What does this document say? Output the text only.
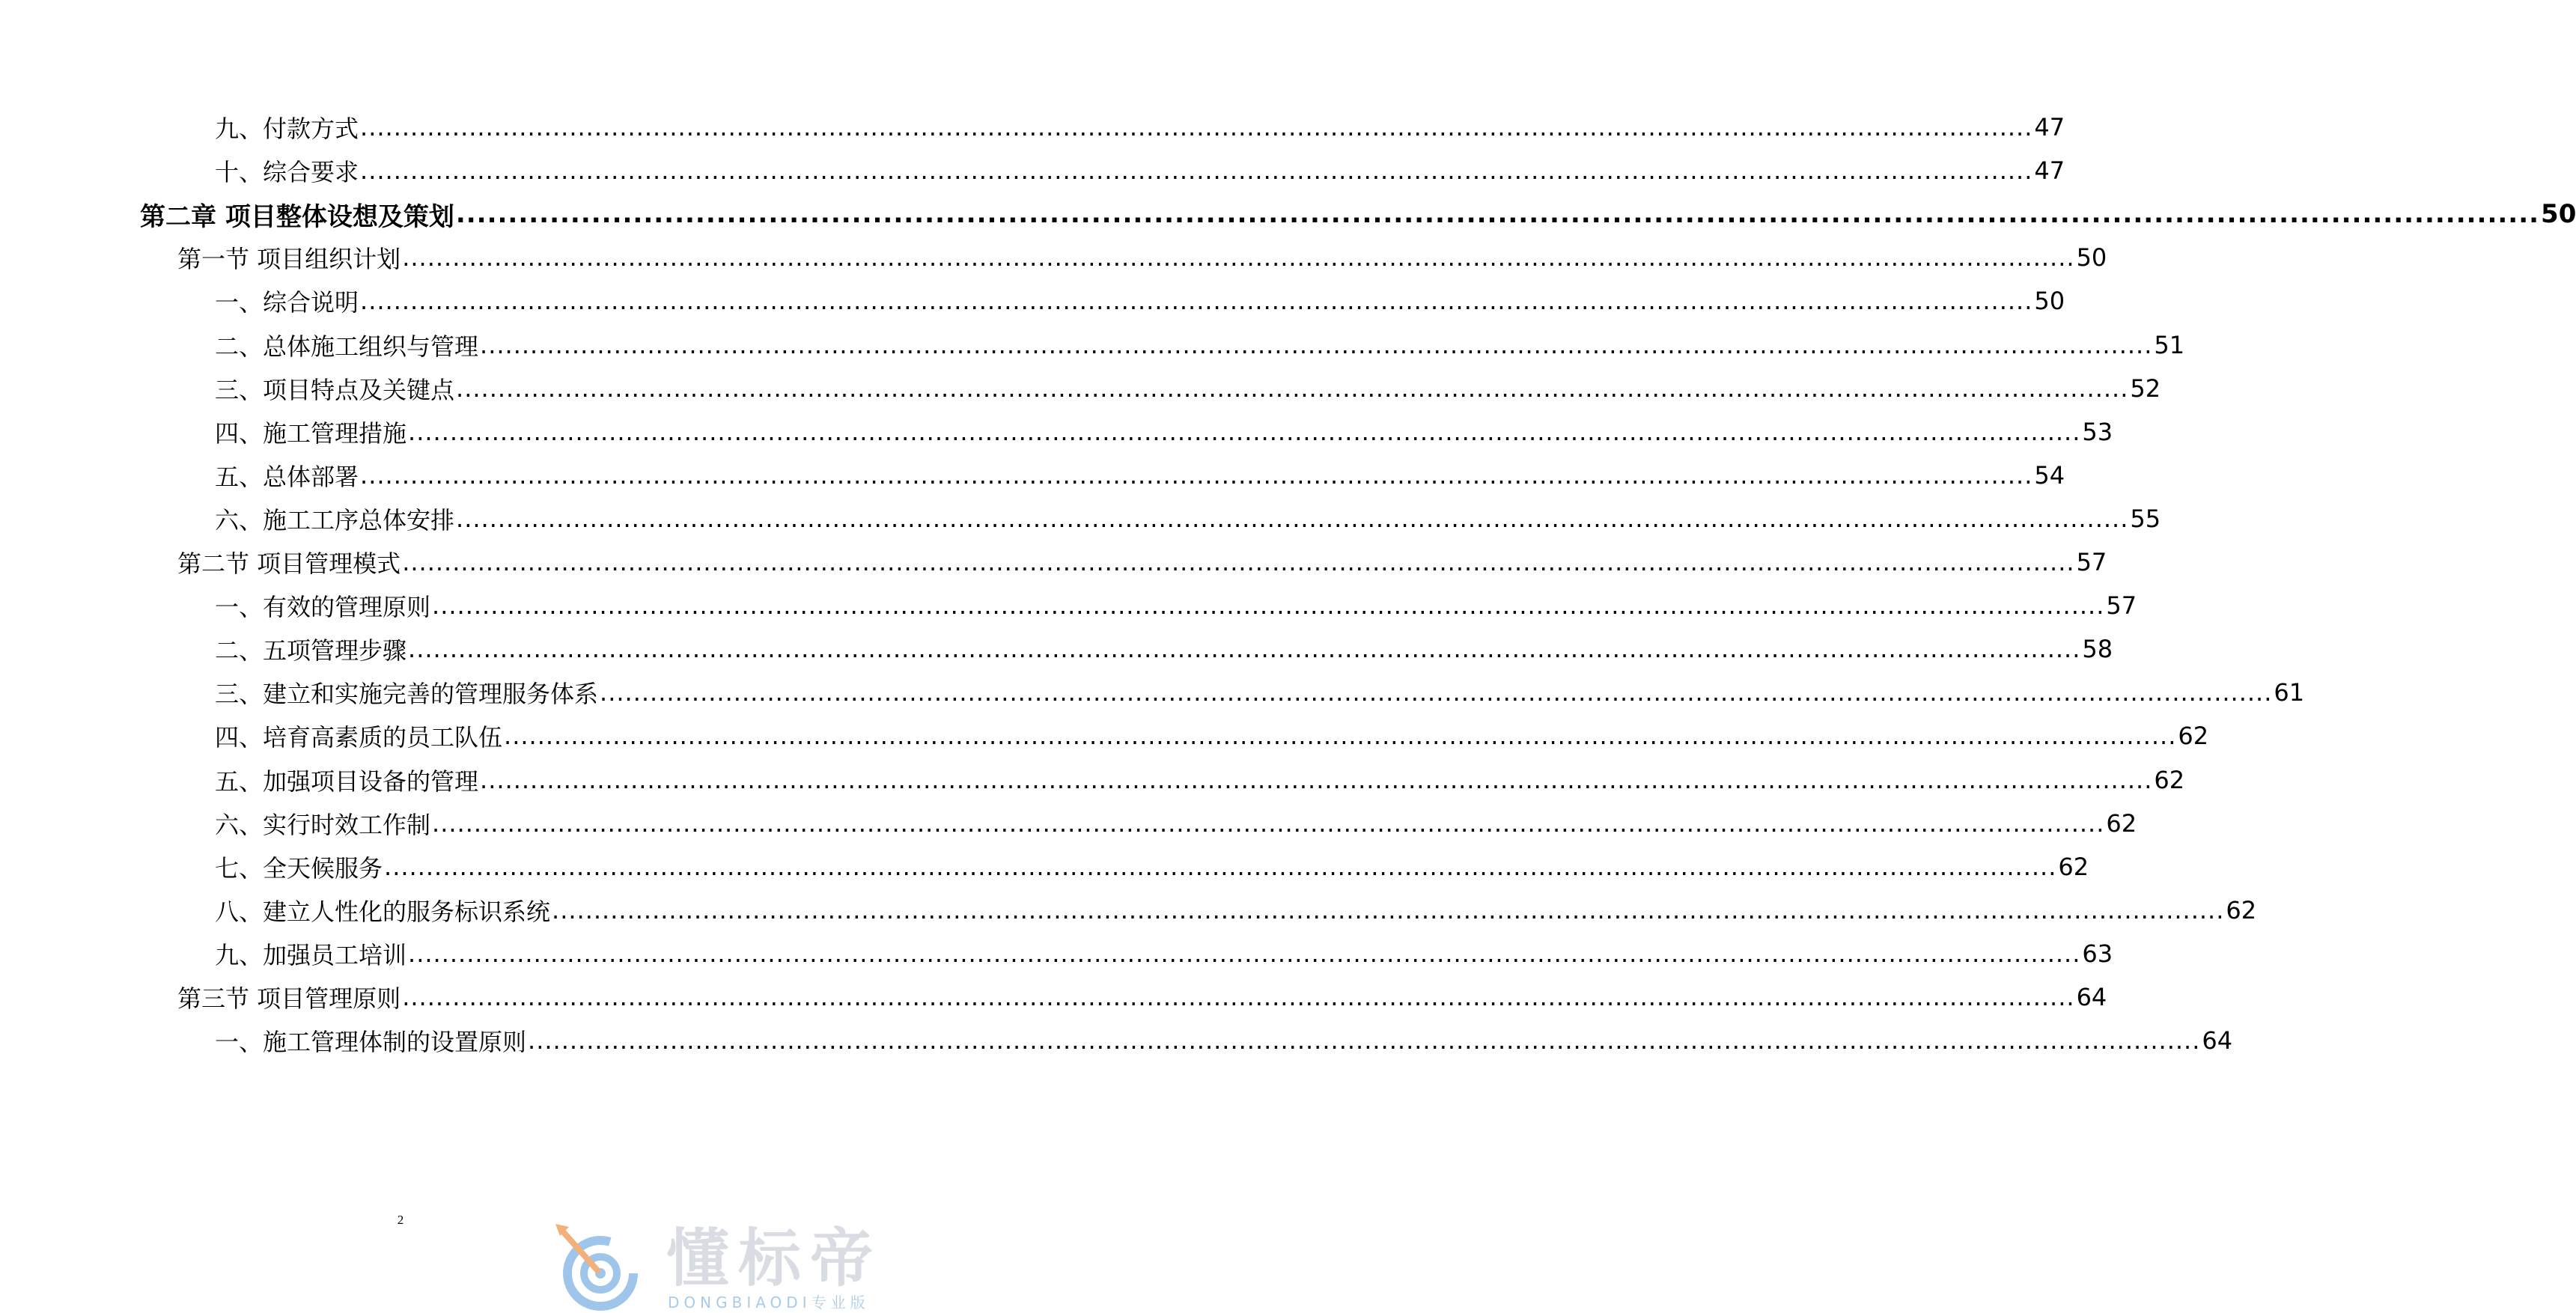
九、付款方式 ........................................................................................................................................................................................................ 47
十、综合要求 ........................................................................................................................................................................................................ 47
第二章 项目整体设想及策划 ........................................................................................................................................................................................................ 50
第一节 项目组织计划 ........................................................................................................................................................................................................ 50
一、综合说明 ........................................................................................................................................................................................................ 50
二、总体施工组织与管理 ........................................................................................................................................................................................................ 51
三、项目特点及关键点 ........................................................................................................................................................................................................ 52
四、施工管理措施 ........................................................................................................................................................................................................ 53
五、总体部署 ........................................................................................................................................................................................................ 54
六、施工工序总体安排 ........................................................................................................................................................................................................ 55
第二节 项目管理模式 ........................................................................................................................................................................................................ 57
一、有效的管理原则 ........................................................................................................................................................................................................ 57
二、五项管理步骤 ........................................................................................................................................................................................................ 58
三、建立和实施完善的管理服务体系 ........................................................................................................................................................................................................ 61
四、培育高素质的员工队伍 ........................................................................................................................................................................................................ 62
五、加强项目设备的管理 ........................................................................................................................................................................................................ 62
六、实行时效工作制 ........................................................................................................................................................................................................ 62
七、全天候服务 ........................................................................................................................................................................................................ 62
八、建立人性化的服务标识系统 ........................................................................................................................................................................................................ 62
九、加强员工培训 ........................................................................................................................................................................................................ 63
第三节 项目管理原则 ........................................................................................................................................................................................................ 64
一、施工管理体制的设置原则 ........................................................................................................................................................................................................ 64
2
懂标帝
DONGBIAODI专业版
